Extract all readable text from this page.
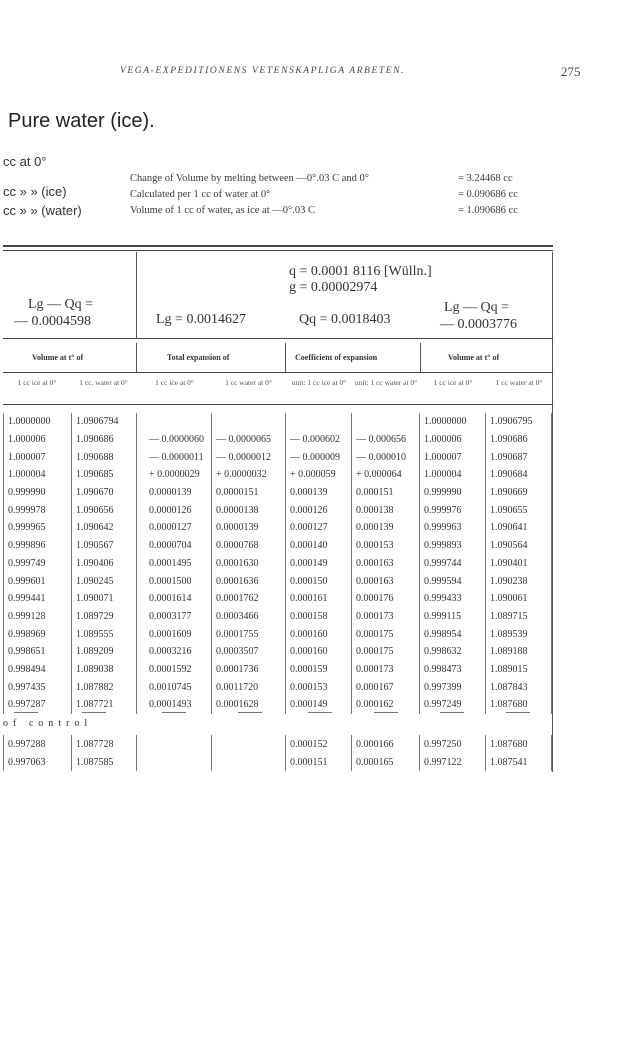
VEGA-EXPEDITIONENS VETENSKAPLIGA ARBETEN.	275
Pure water (ice).
cc at 0°
cc » » (ice)
cc » » (water)
Change of Volume by melting between —0°.03 C and 0°	= 3.24468 cc
Calculated per 1 cc of water at 0°	= 0.090686 cc
Volume of 1 cc of water, as ice at —0°.03 C	= 1.090686 cc
Lg — Qq =
— 0.0004598
q = 0.0001 8116 [Wülln.]
g = 0.00002974
Lg = 0.0014627	Qq = 0.0018403
Lg — Qq =
— 0.0003776
Volume at t° of	Total expansion of	Coefficient of expansion	Volume at t° of
1 cc ice at 0°	1 cc. water at 0°	1 cc ice at 0°	1 cc water at 0°	unit: 1 cc ice at 0°	unit: 1 cc water at 0°	1 cc ice at 0°	1 cc water at 0°
1.0000000	1.0906794					1.0000000	1.0906795
1.000006	1.090686	— 0.0000060	— 0.0000065	— 0.000602	— 0.000656	1.000006	1.090686
1.000007	1.090688	— 0.0000011	— 0.0000012	— 0.000009	— 0.000010	1.000007	1.090687
1.000004	1.090685	+ 0.0000029	+ 0.0000032	+ 0.000059	+ 0.000064	1.000004	1.090684
0.999990	1.090670	0.0000139	0.0000151	0.000139	0.000151	0.999990	1.090669
0.999978	1.090656	0.0000126	0.0000138	0.000126	0.000138	0.999976	1.090655
0.999965	1.090642	0.0000127	0.0000139	0.000127	0.000139	0.999963	1.090641
0.999896	1.090567	0.0000704	0.0000768	0.000140	0.000153	0.999893	1.090564
0.999749	1.090406	0.0001495	0.0001630	0.000149	0.000163	0.999744	1.090401
0.999601	1.090245	0.0001500	0.0001636	0.000150	0.000163	0.999594	1.090238
0.999441	1.090071	0.0001614	0.0001762	0.000161	0.000176	0.999433	1.090061
0.999128	1.089729	0.0003177	0.0003466	0.000158	0.000173	0.999115	1.089715
0.998969	1.089555	0.0001609	0.0001755	0.000160	0.000175	0.998954	1.089539
0.998651	1.089209	0.0003216	0.0003507	0.000160	0.000175	0.998632	1.089188
0.998494	1.089038	0.0001592	0.0001736	0.000159	0.000173	0.998473	1.089015
0.997435	1.087882	0.0010745	0.0011720	0.000153	0.000167	0.997399	1.087843
0.997287	1.087721	0.0001493	0.0001628	0.000149	0.000162	0.997249	1.087680
of control
0.997288	1.087728			0.000152	0.000166	0.997250	1.087680
0.997063	1.087585			0.000151	0.000165	0.997122	1.087541
